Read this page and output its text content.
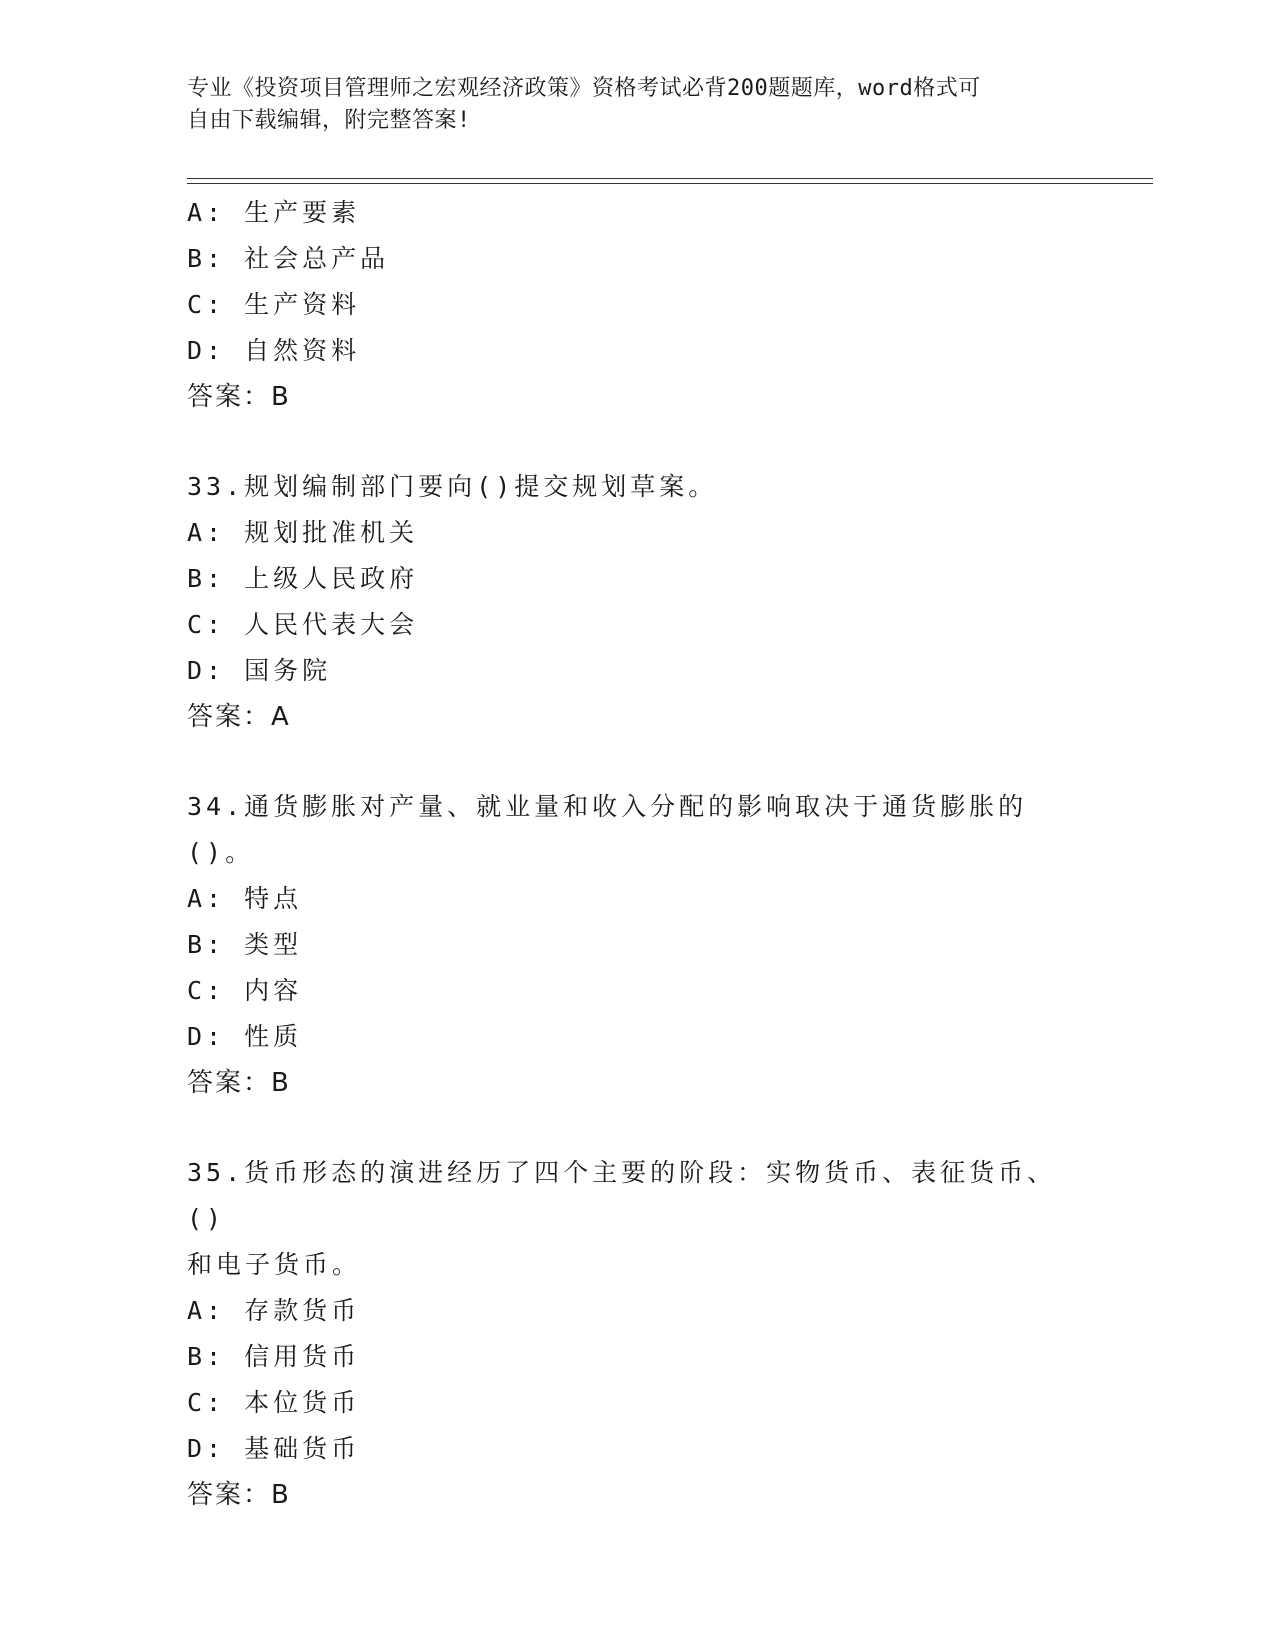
专业《投资项目管理师之宏观经济政策》资格考试必背200题题库，word格式可
自由下载编辑，附完整答案!
A: 生产要素
B: 社会总产品
C: 生产资料
D: 自然资料
答案：B
33.规划编制部门要向()提交规划草案。
A: 规划批准机关
B: 上级人民政府
C: 人民代表大会
D: 国务院
答案：A
34.通货膨胀对产量、就业量和收入分配的影响取决于通货膨胀的()。
A: 特点
B: 类型
C: 内容
D: 性质
答案：B
35.货币形态的演进经历了四个主要的阶段：实物货币、表征货币、()
和电子货币。
A: 存款货币
B: 信用货币
C: 本位货币
D: 基础货币
答案：B
